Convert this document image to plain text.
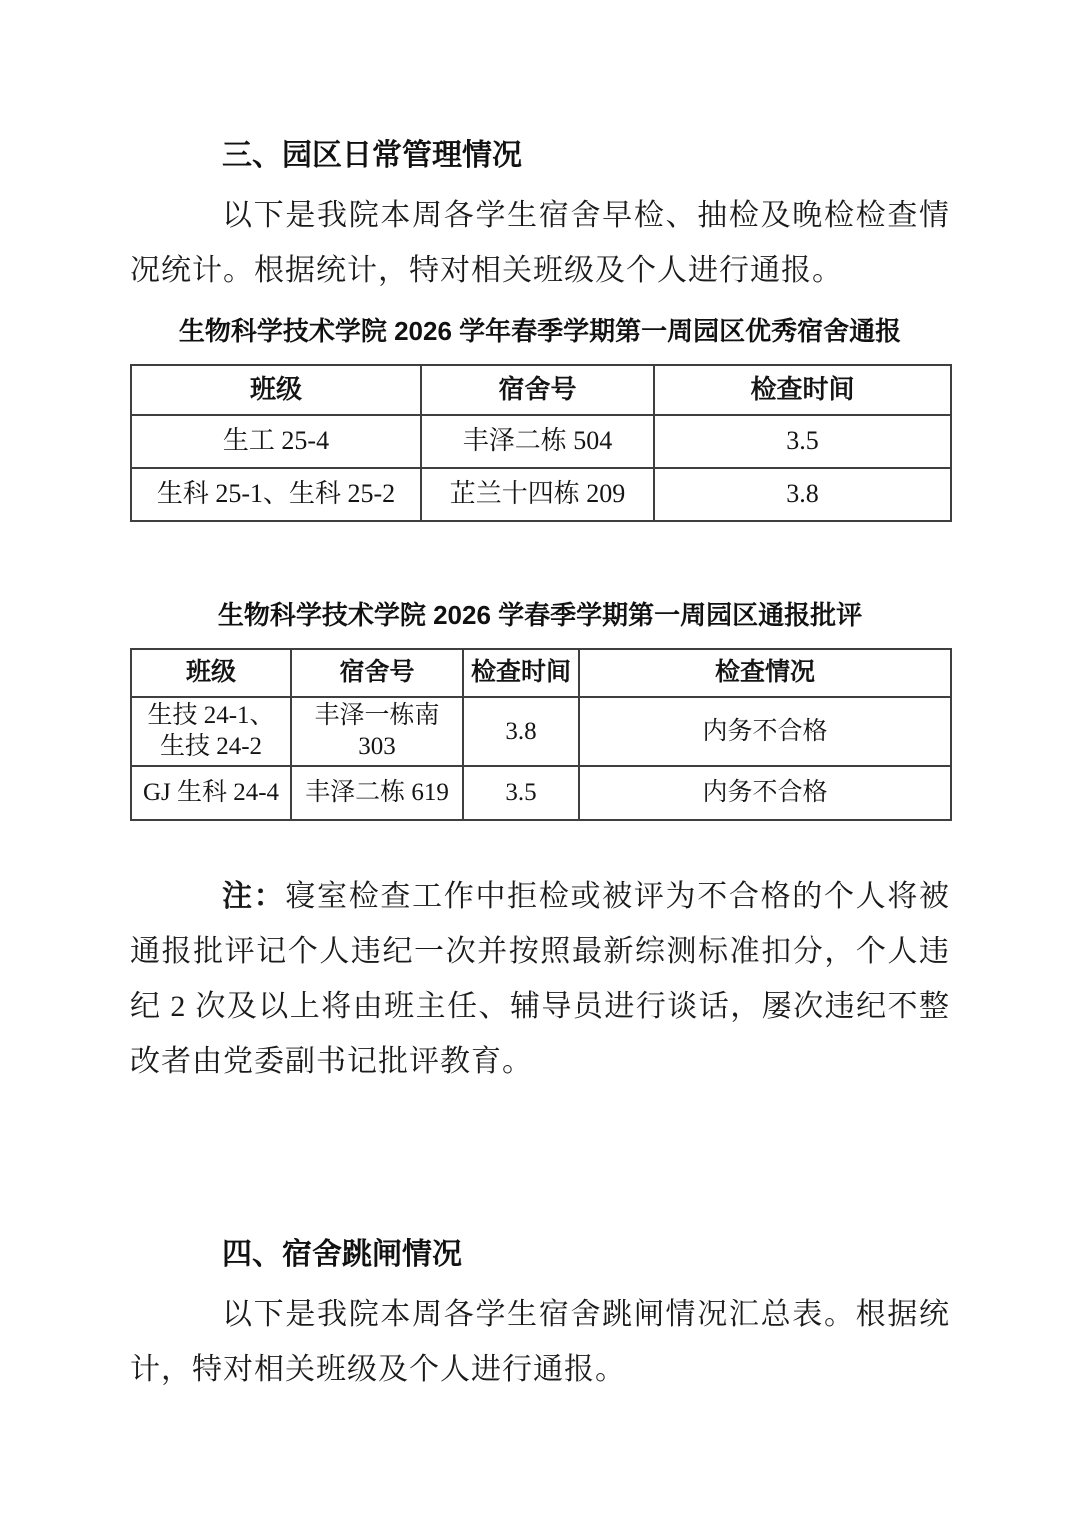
三、园区日常管理情况

以下是我院本周各学生宿舍早检、抽检及晚检检查情况统计。根据统计，特对相关班级及个人进行通报。

生物科学技术学院 2026 学年春季学期第一周园区优秀宿舍通报
班级	宿舍号	检查时间
生工 25-4	丰泽二栋 504	3.5
生科 25-1、生科 25-2	芷兰十四栋 209	3.8
生物科学技术学院 2026 学春季学期第一周园区通报批评
班级	宿舍号	检查时间	检查情况
生技 24-1、生技 24-2	丰泽一栋南 303	3.8	内务不合格
GJ 生科 24-4	丰泽二栋 619	3.5	内务不合格

注：寝室检查工作中拒检或被评为不合格的个人将被通报批评记个人违纪一次并按照最新综测标准扣分，个人违纪 2 次及以上将由班主任、辅导员进行谈话，屡次违纪不整改者由党委副书记批评教育。

四、宿舍跳闸情况

以下是我院本周各学生宿舍跳闸情况汇总表。根据统计，特对相关班级及个人进行通报。
